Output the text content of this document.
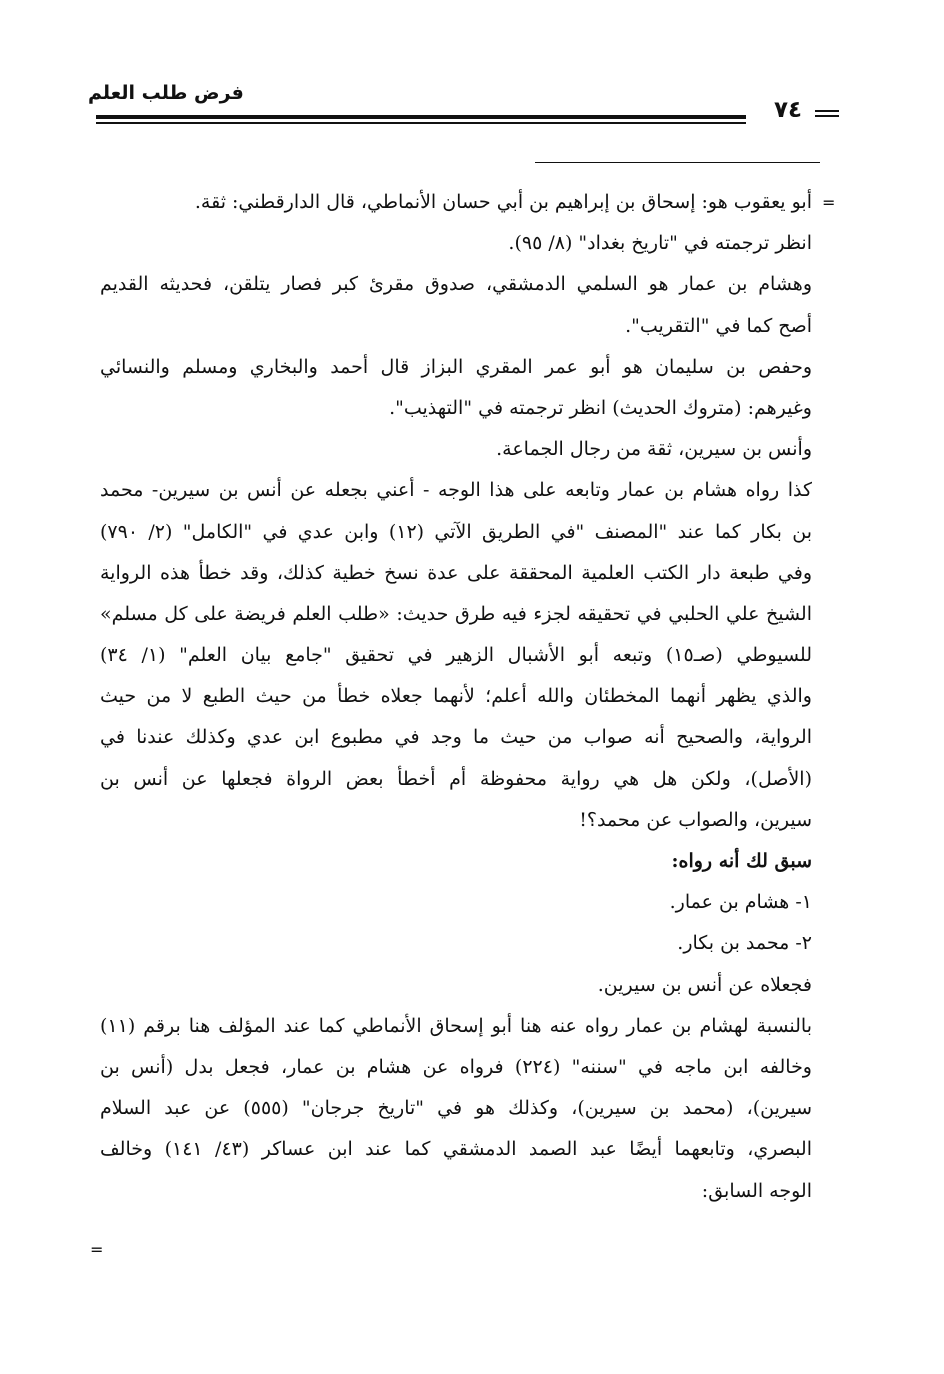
فرض طلب العلم
٧٤
=
أبو يعقوب هو: إسحاق بن إبراهيم بن أبي حسان الأنماطي، قال الدارقطني: ثقة.
انظر ترجمته في "تاريخ بغداد" (٨/ ٩٥).
وهشام بن عمار هو السلمي الدمشقي، صدوق مقرئ كبر فصار يتلقن، فحديثه القديم
أصح كما في "التقريب".
وحفص بن سليمان هو أبو عمر المقري البزاز قال أحمد والبخاري ومسلم والنسائي
وغيرهم: (متروك الحديث) انظر ترجمته في "التهذيب".
وأنس بن سيرين، ثقة من رجال الجماعة.
كذا رواه هشام بن عمار وتابعه على هذا الوجه - أعني بجعله عن أنس بن سيرين- محمد
بن بكار كما عند "المصنف "في الطريق الآتي (١٢) وابن عدي في "الكامل" (٢/ ٧٩٠)
وفي طبعة دار الكتب العلمية المحققة على عدة نسخ خطية كذلك، وقد خطأ هذه الرواية
الشيخ علي الحلبي في تحقيقه لجزء فيه طرق حديث: «طلب العلم فريضة على كل مسلم»
للسيوطي (صـ١٥) وتبعه أبو الأشبال الزهير في تحقيق "جامع بيان العلم" (١/ ٣٤)
والذي يظهر أنهما المخطئان والله أعلم؛ لأنهما جعلاه خطأ من حيث الطبع لا من حيث
الرواية، والصحيح أنه صواب من حيث ما وجد في مطبوع ابن عدي وكذلك عندنا في
(الأصل)، ولكن هل هي رواية محفوظة أم أخطأ بعض الرواة فجعلها عن أنس بن
سيرين، والصواب عن محمد؟!
سبق لك أنه رواه:
١- هشام بن عمار.
٢- محمد بن بكار.
فجعلاه عن أنس بن سيرين.
بالنسبة لهشام بن عمار رواه عنه هنا أبو إسحاق الأنماطي كما عند المؤلف هنا برقم (١١)
وخالفه ابن ماجه في "سننه" (٢٢٤) فرواه عن هشام بن عمار، فجعل بدل (أنس بن
سيرين)، (محمد بن سيرين)، وكذلك هو في "تاريخ جرجان" (٥٥٥) عن عبد السلام
البصري، وتابعهما أيضًا عبد الصمد الدمشقي كما عند ابن عساكر (٤٣/ ١٤١) وخالف
الوجه السابق:
=
